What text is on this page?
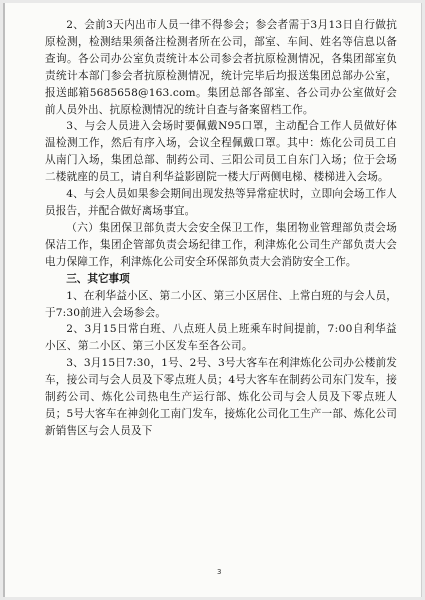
2、会前3天内出市人员一律不得参会；参会者需于3月13日自行做抗原检测，检测结果须备注检测者所在公司，部室、车间、姓名等信息以备查询。各公司办公室负责统计本公司参会者抗原检测情况，各集团部室负责统计本部门参会者抗原检测情况，统计完毕后均报送集团总部办公室，报送邮箱5685658@163.com。集团总部各部室、各公司办公室做好会前人员外出、抗原检测情况的统计自查与备案留档工作。

3、与会人员进入会场时要佩戴N95口罩，主动配合工作人员做好体温检测工作，然后有序入场，会议全程佩戴口罩。其中：炼化公司员工自从南门入场，集团总部、制药公司、三阳公司员工自东门入场；位于会场二楼就座的员工，请自利华益影剧院一楼大厅两侧电梯、楼梯进入会场。

4、与会人员如果参会期间出现发热等异常症状时，立即向会场工作人员报告，并配合做好离场事宜。

（六）集团保卫部负责大会安全保卫工作，集团物业管理部负责会场保洁工作，集团企管部负责会场纪律工作，利津炼化公司生产部负责大会电力保障工作，利津炼化公司安全环保部负责大会消防安全工作。

三、其它事项

1、在利华益小区、第二小区、第三小区居住、上常白班的与会人员，于7:30前进入会场参会。

2、3月15日常白班、八点班人员上班乘车时间提前，7:00自利华益小区、第二小区、第三小区发车至各公司。

3、3月15日7:30，1号、2号、3号大客车在利津炼化公司办公楼前发车，接公司与会人员及下零点班人员；4号大客车在制药公司东门发车，接制药公司、炼化公司热电生产运行部、炼化公司与会人员及下零点班人员；5号大客车在神剑化工南门发车，接炼化公司化工生产一部、炼化公司新销售区与会人员及下

3
